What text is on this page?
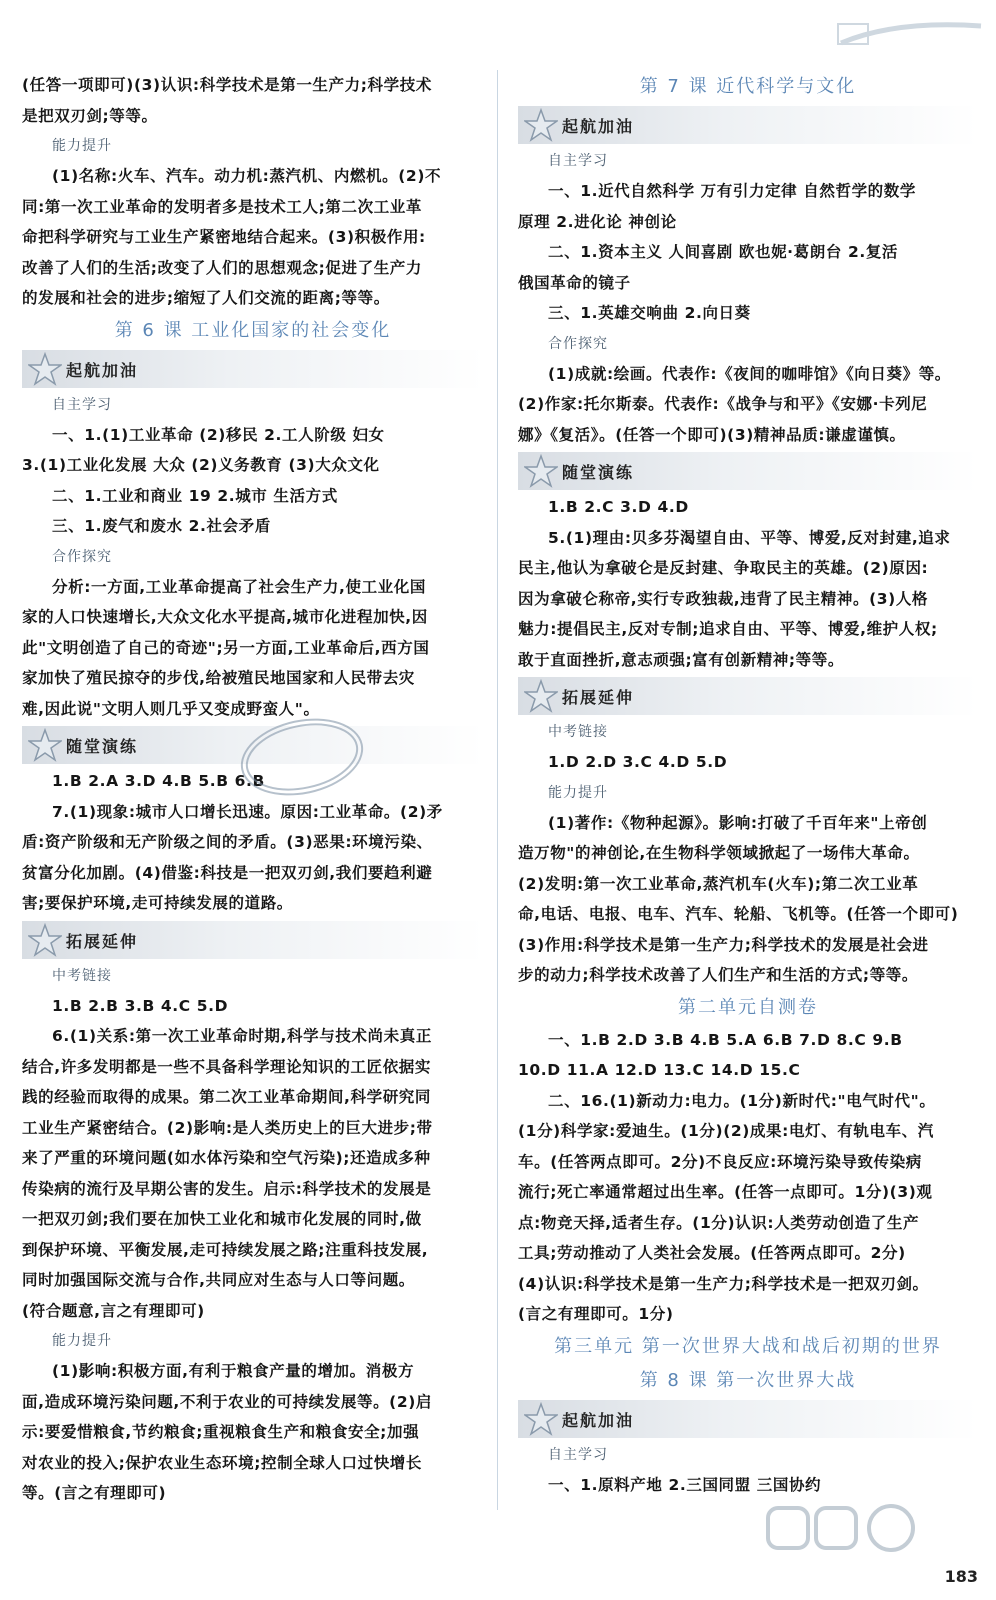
(任答一项即可)(3)认识:科学技术是第一生产力;科学技术
是把双刃剑;等等。
能力提升
(1)名称:火车、汽车。动力机:蒸汽机、内燃机。(2)不
同:第一次工业革命的发明者多是技术工人;第二次工业革
命把科学研究与工业生产紧密地结合起来。(3)积极作用:
改善了人们的生活;改变了人们的思想观念;促进了生产力
的发展和社会的进步;缩短了人们交流的距离;等等。
第 6 课 工业化国家的社会变化
起航加油
自主学习
一、1.(1)工业革命 (2)移民 2.工人阶级 妇女
3.(1)工业化发展 大众 (2)义务教育 (3)大众文化
二、1.工业和商业 19 2.城市 生活方式
三、1.废气和废水 2.社会矛盾
合作探究
分析:一方面,工业革命提高了社会生产力,使工业化国
家的人口快速增长,大众文化水平提高,城市化进程加快,因
此"文明创造了自己的奇迹";另一方面,工业革命后,西方国
家加快了殖民掠夺的步伐,给被殖民地国家和人民带去灾
难,因此说"文明人则几乎又变成野蛮人"。
随堂演练
1.B 2.A 3.D 4.B 5.B 6.B
7.(1)现象:城市人口增长迅速。原因:工业革命。(2)矛
盾:资产阶级和无产阶级之间的矛盾。(3)恶果:环境污染、
贫富分化加剧。(4)借鉴:科技是一把双刃剑,我们要趋利避
害;要保护环境,走可持续发展的道路。
拓展延伸
中考链接
1.B 2.B 3.B 4.C 5.D
6.(1)关系:第一次工业革命时期,科学与技术尚未真正
结合,许多发明都是一些不具备科学理论知识的工匠依据实
践的经验而取得的成果。第二次工业革命期间,科学研究同
工业生产紧密结合。(2)影响:是人类历史上的巨大进步;带
来了严重的环境问题(如水体污染和空气污染);还造成多种
传染病的流行及早期公害的发生。启示:科学技术的发展是
一把双刃剑;我们要在加快工业化和城市化发展的同时,做
到保护环境、平衡发展,走可持续发展之路;注重科技发展,
同时加强国际交流与合作,共同应对生态与人口等问题。
(符合题意,言之有理即可)
能力提升
(1)影响:积极方面,有利于粮食产量的增加。消极方
面,造成环境污染问题,不利于农业的可持续发展等。(2)启
示:要爱惜粮食,节约粮食;重视粮食生产和粮食安全;加强
对农业的投入;保护农业生态环境;控制全球人口过快增长
等。(言之有理即可)
第 7 课 近代科学与文化
起航加油
自主学习
一、1.近代自然科学 万有引力定律 自然哲学的数学
原理 2.进化论 神创论
二、1.资本主义 人间喜剧 欧也妮·葛朗台 2.复活
俄国革命的镜子
三、1.英雄交响曲 2.向日葵
合作探究
(1)成就:绘画。代表作:《夜间的咖啡馆》《向日葵》等。
(2)作家:托尔斯泰。代表作:《战争与和平》《安娜·卡列尼
娜》《复活》。(任答一个即可)(3)精神品质:谦虚谨慎。
随堂演练
1.B 2.C 3.D 4.D
5.(1)理由:贝多芬渴望自由、平等、博爱,反对封建,追求
民主,他认为拿破仑是反封建、争取民主的英雄。(2)原因:
因为拿破仑称帝,实行专政独裁,违背了民主精神。(3)人格
魅力:提倡民主,反对专制;追求自由、平等、博爱,维护人权;
敢于直面挫折,意志顽强;富有创新精神;等等。
拓展延伸
中考链接
1.D 2.D 3.C 4.D 5.D
能力提升
(1)著作:《物种起源》。影响:打破了千百年来"上帝创
造万物"的神创论,在生物科学领域掀起了一场伟大革命。
(2)发明:第一次工业革命,蒸汽机车(火车);第二次工业革
命,电话、电报、电车、汽车、轮船、飞机等。(任答一个即可)
(3)作用:科学技术是第一生产力;科学技术的发展是社会进
步的动力;科学技术改善了人们生产和生活的方式;等等。
第二单元自测卷
一、1.B 2.D 3.B 4.B 5.A 6.B 7.D 8.C 9.B
10.D 11.A 12.D 13.C 14.D 15.C
二、16.(1)新动力:电力。(1分)新时代:"电气时代"。
(1分)科学家:爱迪生。(1分)(2)成果:电灯、有轨电车、汽
车。(任答两点即可。2分)不良反应:环境污染导致传染病
流行;死亡率通常超过出生率。(任答一点即可。1分)(3)观
点:物竞天择,适者生存。(1分)认识:人类劳动创造了生产
工具;劳动推动了人类社会发展。(任答两点即可。2分)
(4)认识:科学技术是第一生产力;科学技术是一把双刃剑。
(言之有理即可。1分)
第三单元 第一次世界大战和战后初期的世界
第 8 课 第一次世界大战
起航加油
自主学习
一、1.原料产地 2.三国同盟 三国协约
183
